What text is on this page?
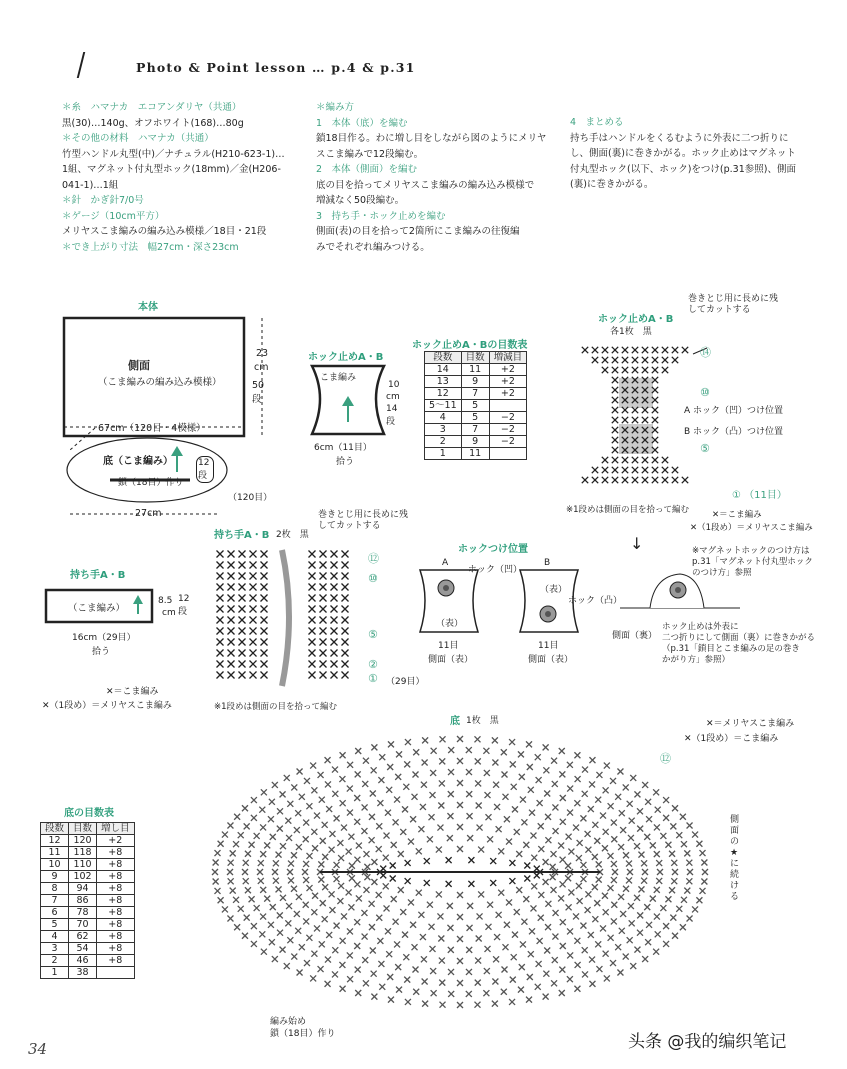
Photo & Point lesson … p.4 & p.31
＊糸　ハマナカ　エコアンダリヤ（共通）
黒(30)…140g、オフホワイト(168)…80g
＊その他の材料　ハマナカ（共通）
竹型ハンドル丸型(中)／ナチュラル(H210-623-1)…
1組、マグネット付丸型ホック(18mm)／金(H206-
041-1)…1組
＊針　かぎ針7/0号
＊ゲージ（10cm平方）
メリヤスこま編みの編み込み模様／18目・21段
＊でき上がり寸法　幅27cm・深さ23cm
＊編み方
1　本体（底）を編む
鎖18目作る。わに増し目をしながら図のようにメリヤ
スこま編みで12段編む。
2　本体（側面）を編む
底の目を拾ってメリヤスこま編みの編み込み模様で
増減なく50段編む。
3　持ち手・ホック止めを編む
側面(表)の目を拾って2箇所にこま編みの往復編
みでそれぞれ編みつける。
4　まとめる
持ち手はハンドルをくるむように外表に二つ折りに
し、側面(裏)に巻きかがる。ホック止めはマグネット
付丸型ホック(以下、ホック)をつけ(p.31参照)、側面
(裏)に巻きかがる。
本体
側面
（こま編みの編み込み模様）
23
cm
50段
67cm（120目・4模様）
底（こま編み）
鎖（18目）作り
12段
（120目）
27cm
ホック止めA・B
こま編み
10
cm
14段
6cm（11目）
拾う
ホック止めA・Bの目数表
段数	目数	増減目
14	11	+2
13	9	+2
12	7	+2
5〜11	5	
4	5	−2
3	7	−2
2	9	−2
1	11	
ホック止めA・B
各1枚　黒
巻きとじ用に長めに残してカットする
⑭
⑩
A ホック（凹）つけ位置
B ホック（凸）つけ位置
⑤
① （11目）
※1段めは側面の目を拾って編む	✕＝こま編み
✕（1段め）＝メリヤスこま編み
↓
持ち手A・B
（こま編み）
8.5
cm
12段
16cm（29目）
拾う
✕＝こま編み
✕（1段め）＝メリヤスこま編み
持ち手A・B 2枚　黒
巻きとじ用に長めに残してカットする
⑫
⑩
⑤
②
① （29目）
※1段めは側面の目を拾って編む
ホックつけ位置
A	B
ホック（凹）
ホック（凸）
（表）
（表）
11目	11目
側面（表）	側面（表）
※マグネットホックのつけ方は
p.31「マグネット付丸型ホック
のつけ方」参照
側面（裏）
ホック止めは外表に
二つ折りにして側面（裏）に巻きかがる
（p.31「鎖目とこま編みの足の巻き
かがり方」参照）
底 1枚　黒	✕＝メリヤスこま編み
✕（1段め）＝こま編み
⑫
側面の★に続ける
編み始め
鎖（18目）作り
底の目数表
段数	目数	増し目
12	120	+2
11	118	+8
10	110	+8
9	102	+8
8	94	+8
7	86	+8
6	78	+8
5	70	+8
4	62	+8
3	54	+8
2	46	+8
1	38	
34	头条 @我的编织笔记
